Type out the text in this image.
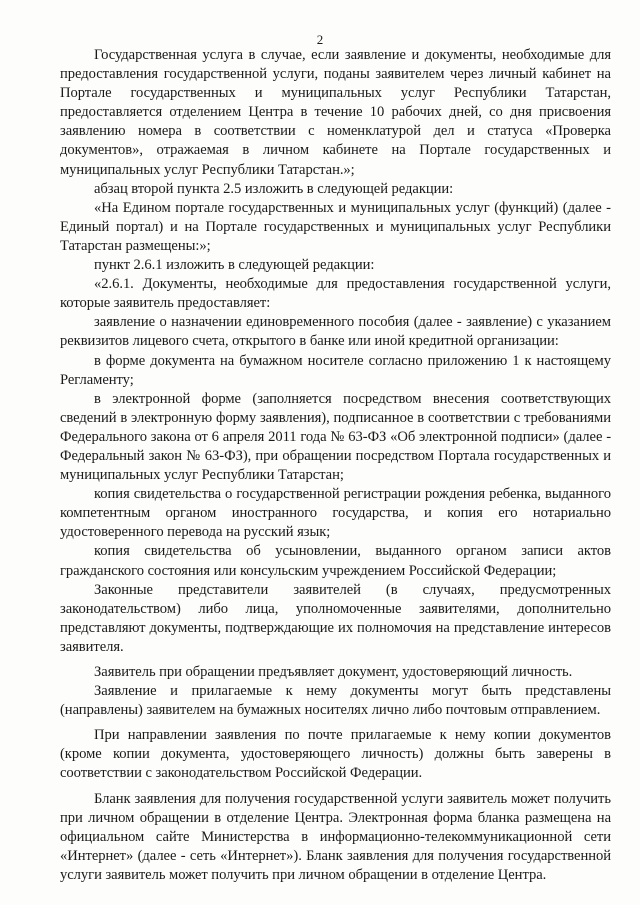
2

Государственная услуга в случае, если заявление и документы, необходимые для предоставления государственной услуги, поданы заявителем через личный кабинет на Портале государственных и муниципальных услуг Республики Татарстан, предоставляется отделением Центра в течение 10 рабочих дней, со дня присвоения заявлению номера в соответствии с номенклатурой дел и статуса «Проверка документов», отражаемая в личном кабинете на Портале государственных и муниципальных услуг Республики Татарстан.»;

абзац второй пункта 2.5 изложить в следующей редакции:

«На Едином портале государственных и муниципальных услуг (функций) (далее - Единый портал) и на Портале государственных и муниципальных услуг Республики Татарстан размещены:»;

пункт 2.6.1 изложить в следующей редакции:

«2.6.1. Документы, необходимые для предоставления государственной услуги, которые заявитель предоставляет:

заявление о назначении единовременного пособия (далее - заявление) с указанием реквизитов лицевого счета, открытого в банке или иной кредитной организации:

в форме документа на бумажном носителе согласно приложению 1 к настоящему Регламенту;

в электронной форме (заполняется посредством внесения соответствующих сведений в электронную форму заявления), подписанное в соответствии с требованиями Федерального закона от 6 апреля 2011 года № 63-ФЗ «Об электронной подписи» (далее - Федеральный закон № 63-ФЗ), при обращении посредством Портала государственных и муниципальных услуг Республики Татарстан;

копия свидетельства о государственной регистрации рождения ребенка, выданного компетентным органом иностранного государства, и копия его нотариально удостоверенного перевода на русский язык;

копия свидетельства об усыновлении, выданного органом записи актов гражданского состояния или консульским учреждением Российской Федерации;

Законные представители заявителей (в случаях, предусмотренных законодательством) либо лица, уполномоченные заявителями, дополнительно представляют документы, подтверждающие их полномочия на представление интересов заявителя.

Заявитель при обращении предъявляет документ, удостоверяющий личность.

Заявление и прилагаемые к нему документы могут быть представлены (направлены) заявителем на бумажных носителях лично либо почтовым отправлением.

При направлении заявления по почте прилагаемые к нему копии документов (кроме копии документа, удостоверяющего личность) должны быть заверены в соответствии с законодательством Российской Федерации.

Бланк заявления для получения государственной услуги заявитель может получить при личном обращении в отделение Центра. Электронная форма бланка размещена на официальном сайте Министерства в информационно-телекоммуникационной сети «Интернет» (далее - сеть «Интернет»). Бланк заявления для получения государственной услуги заявитель может получить при личном обращении в отделение Центра.
